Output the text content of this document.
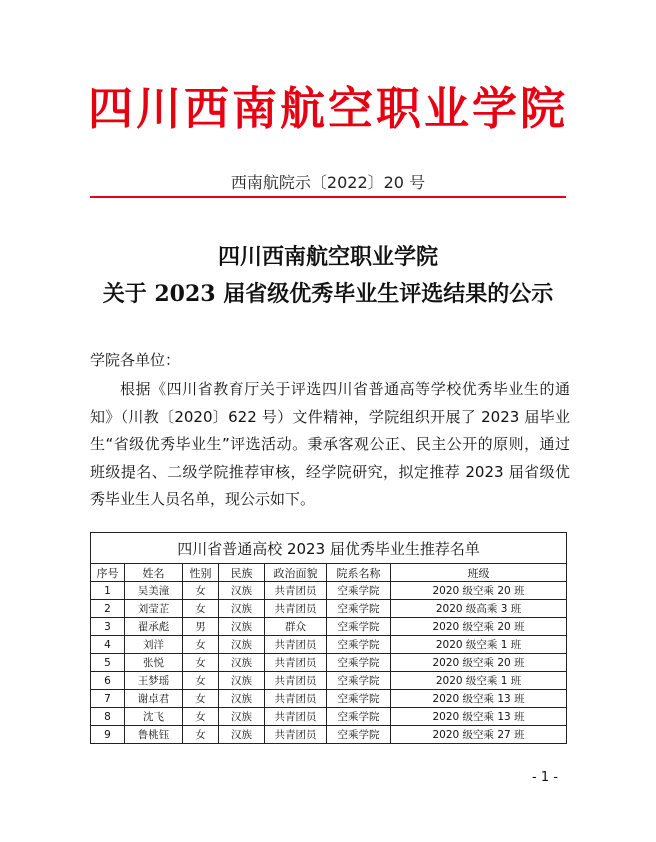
四川西南航空职业学院
西南航院示〔2022〕20 号
四川西南航空职业学院
关于 2023 届省级优秀毕业生评选结果的公示
学院各单位：
根据《四川省教育厅关于评选四川省普通高等学校优秀毕业生的通知》（川教〔2020〕622 号）文件精神，学院组织开展了 2023 届毕业生“省级优秀毕业生”评选活动。秉承客观公正、民主公开的原则，通过班级提名、二级学院推荐审核，经学院研究，拟定推荐 2023 届省级优秀毕业生人员名单，现公示如下。
四川省普通高校 2023 届优秀毕业生推荐名单						
序号	姓名	性别	民族	政治面貌	院系名称	班级
1	吴美潼	女	汉族	共青团员	空乘学院	2020 级空乘 20 班
2	刘莹芷	女	汉族	共青团员	空乘学院	2020 级高乘 3 班
3	翟承彪	男	汉族	群众	空乘学院	2020 级空乘 20 班
4	刘洋	女	汉族	共青团员	空乘学院	2020 级空乘 1 班
5	张悦	女	汉族	共青团员	空乘学院	2020 级空乘 20 班
6	王梦瑶	女	汉族	共青团员	空乘学院	2020 级空乘 1 班
7	谢卓君	女	汉族	共青团员	空乘学院	2020 级空乘 13 班
8	沈飞	女	汉族	共青团员	空乘学院	2020 级空乘 13 班
9	鲁桃钰	女	汉族	共青团员	空乘学院	2020 级空乘 27 班
- 1 -
